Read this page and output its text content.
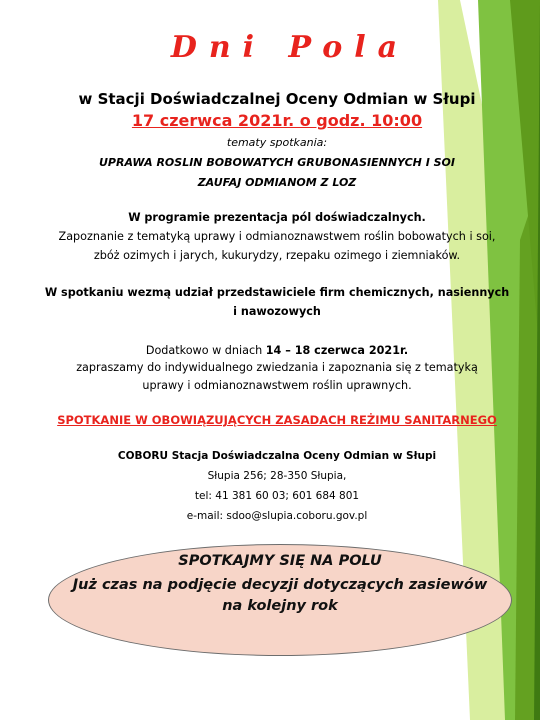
Dni Pola

w Stacji Doświadczalnej Oceny Odmian w Słupi

17 czerwca 2021r. o godz. 10:00

tematy spotkania:

UPRAWA ROSLIN BOBOWATYCH GRUBONASIENNYCH I SOI

ZAUFAJ ODMIANOM Z LOZ

W programie prezentacja pól doświadczalnych.

Zapoznanie z tematyką uprawy i odmianoznawstwem roślin bobowatych i soi,

zbóż ozimych i jarych, kukurydzy, rzepaku ozimego i ziemniaków.

W spotkaniu wezmą udział przedstawiciele firm chemicznych, nasiennych

i nawozowych

Dodatkowo w dniach 14 – 18 czerwca 2021r.

zapraszamy do indywidualnego zwiedzania i zapoznania się z tematyką

uprawy i odmianoznawstwem roślin uprawnych.

SPOTKANIE W OBOWIĄZUJĄCYCH ZASADACH REŻIMU SANITARNEGO

COBORU Stacja Doświadczalna Oceny Odmian w Słupi

Słupia 256; 28-350 Słupia,

tel: 41 381 60 03; 601 684 801

e-mail: sdoo@slupia.coboru.gov.pl

SPOTKAJMY SIĘ NA POLU

Już czas na podjęcie decyzji dotyczących zasiewów

na kolejny rok
